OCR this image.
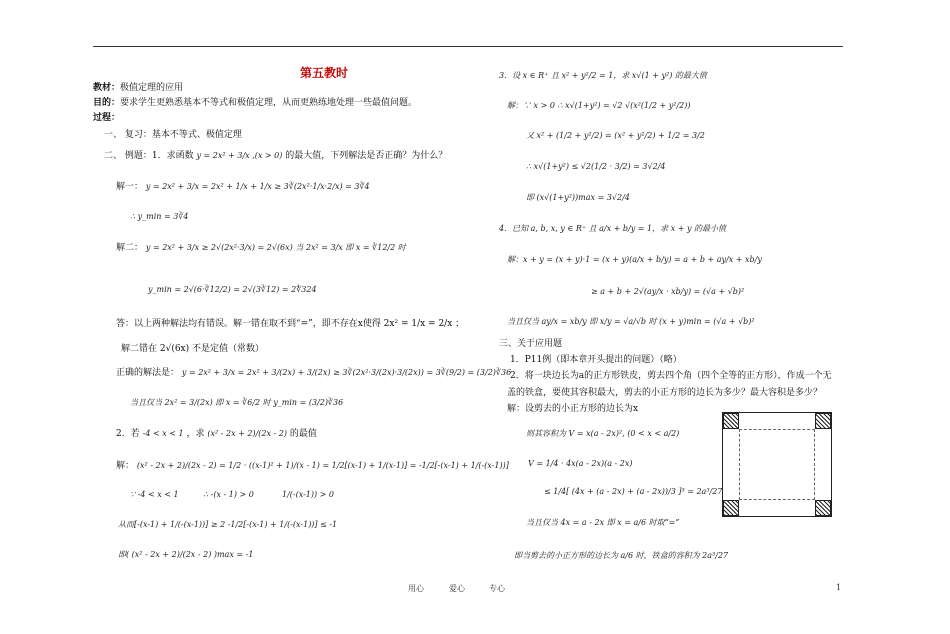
第五教时
教材：极值定理的应用
目的：要求学生更熟悉基本不等式和极值定理，从而更熟练地处理一些最值问题。
过程：
一、 复习：基本不等式、极值定理
二、 例题：1．求函数 y = 2x² + 3/x ,(x > 0) 的最大值，下列解法是否正确？为什么？
解一： y = 2x² + 3/x = 2x² + 1/x + 1/x ≥ 3∛(2x²·1/x·2/x) = 3∛4
∴ y_min = 3∛4
解二： y = 2x² + 3/x ≥ 2√(2x²·3/x) = 2√(6x) 当 2x² = 3/x 即 x = ∛12/2 时
y_min = 2√(6·∛12/2) = 2√(3∛12) = 2∜324
答：以上两种解法均有错误。解一错在取不到“=”，即不存在x使得 2x² = 1/x = 2/x ；
解二错在 2√(6x) 不是定值（常数）
正确的解法是： y = 2x² + 3/x = 2x² + 3/(2x) + 3/(2x) ≥ 3∛(2x²·3/(2x)·3/(2x)) = 3∛(9/2) = (3/2)∛36
当且仅当 2x² = 3/(2x) 即 x = ∛6/2 时 y_min = (3/2)∛36
2．若 -4 < x < 1 ，求 (x² - 2x + 2)/(2x - 2) 的最值
解： (x² - 2x + 2)/(2x - 2) = 1/2 · ((x-1)² + 1)/(x - 1) = 1/2[(x-1) + 1/(x-1)] = -1/2[-(x-1) + 1/(-(x-1))]
∵ -4 < x < 1	∴ -(x - 1) > 0	1/(-(x-1)) > 0
从而[-(x-1) + 1/(-(x-1))] ≥ 2 -1/2[-(x-1) + 1/(-(x-1))] ≤ -1
即( (x² - 2x + 2)/(2x - 2) )max = -1
3．设 x ∈ R⁺ 且 x² + y²/2 = 1，求 x√(1 + y²) 的最大值
解：∵ x > 0 ∴ x√(1+y²) = √2 √(x²(1/2 + y²/2))
又 x² + (1/2 + y²/2) = (x² + y²/2) + 1/2 = 3/2
∴ x√(1+y²) ≤ √2(1/2 · 3/2) = 3√2/4
即 (x√(1+y²))max = 3√2/4
4．已知 a, b, x, y ∈ R⁺ 且 a/x + b/y = 1，求 x + y 的最小值
解：x + y = (x + y)·1 = (x + y)(a/x + b/y) = a + b + ay/x + xb/y
≥ a + b + 2√(ay/x · xb/y) = (√a + √b)²
当且仅当 ay/x = xb/y 即 x/y = √a/√b 时 (x + y)min = (√a + √b)²
三、关于应用题
1．P11例（即本章开头提出的问题）（略）
2．将一块边长为a的正方形铁皮，剪去四个角（四个全等的正方形），作成一个无
盖的铁盒，要使其容积最大，剪去的小正方形的边长为多少？最大容积是多少？
解：设剪去的小正方形的边长为x
则其容积为 V = x(a - 2x)², (0 < x < a/2)
V = 1/4 · 4x(a - 2x)(a - 2x)
≤ 1/4[ (4x + (a - 2x) + (a - 2x))/3 ]³ = 2a³/27
当且仅当 4x = a - 2x 即 x = a/6 时取“=”
即当剪去的小正方形的边长为 a/6 时，铁盒的容积为 2a³/27
用心	爱心	专心	1
